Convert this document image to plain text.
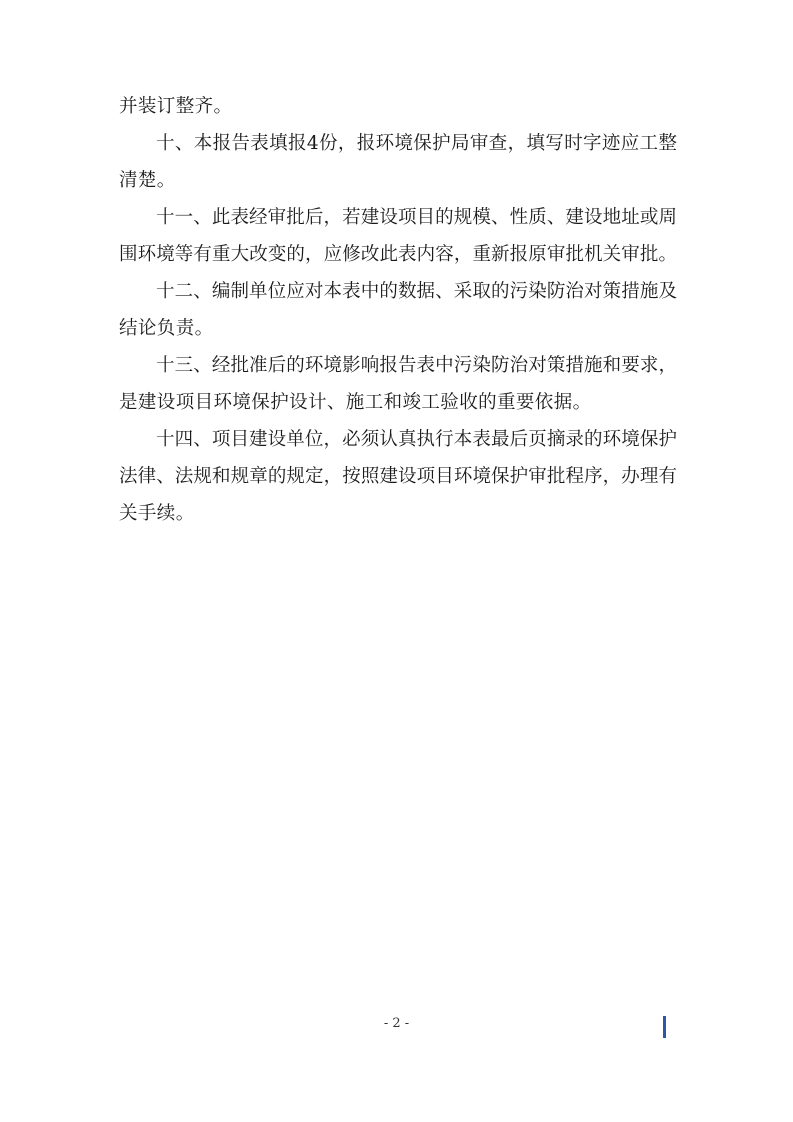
并装订整齐。
十、本报告表填报4份，报环境保护局审查，填写时字迹应工整
清楚。
十一、此表经审批后，若建设项目的规模、性质、建设地址或周
围环境等有重大改变的，应修改此表内容，重新报原审批机关审批。
十二、编制单位应对本表中的数据、采取的污染防治对策措施及
结论负责。
十三、经批准后的环境影响报告表中污染防治对策措施和要求，
是建设项目环境保护设计、施工和竣工验收的重要依据。
十四、项目建设单位，必须认真执行本表最后页摘录的环境保护
法律、法规和规章的规定，按照建设项目环境保护审批程序，办理有
关手续。
- 2 -
